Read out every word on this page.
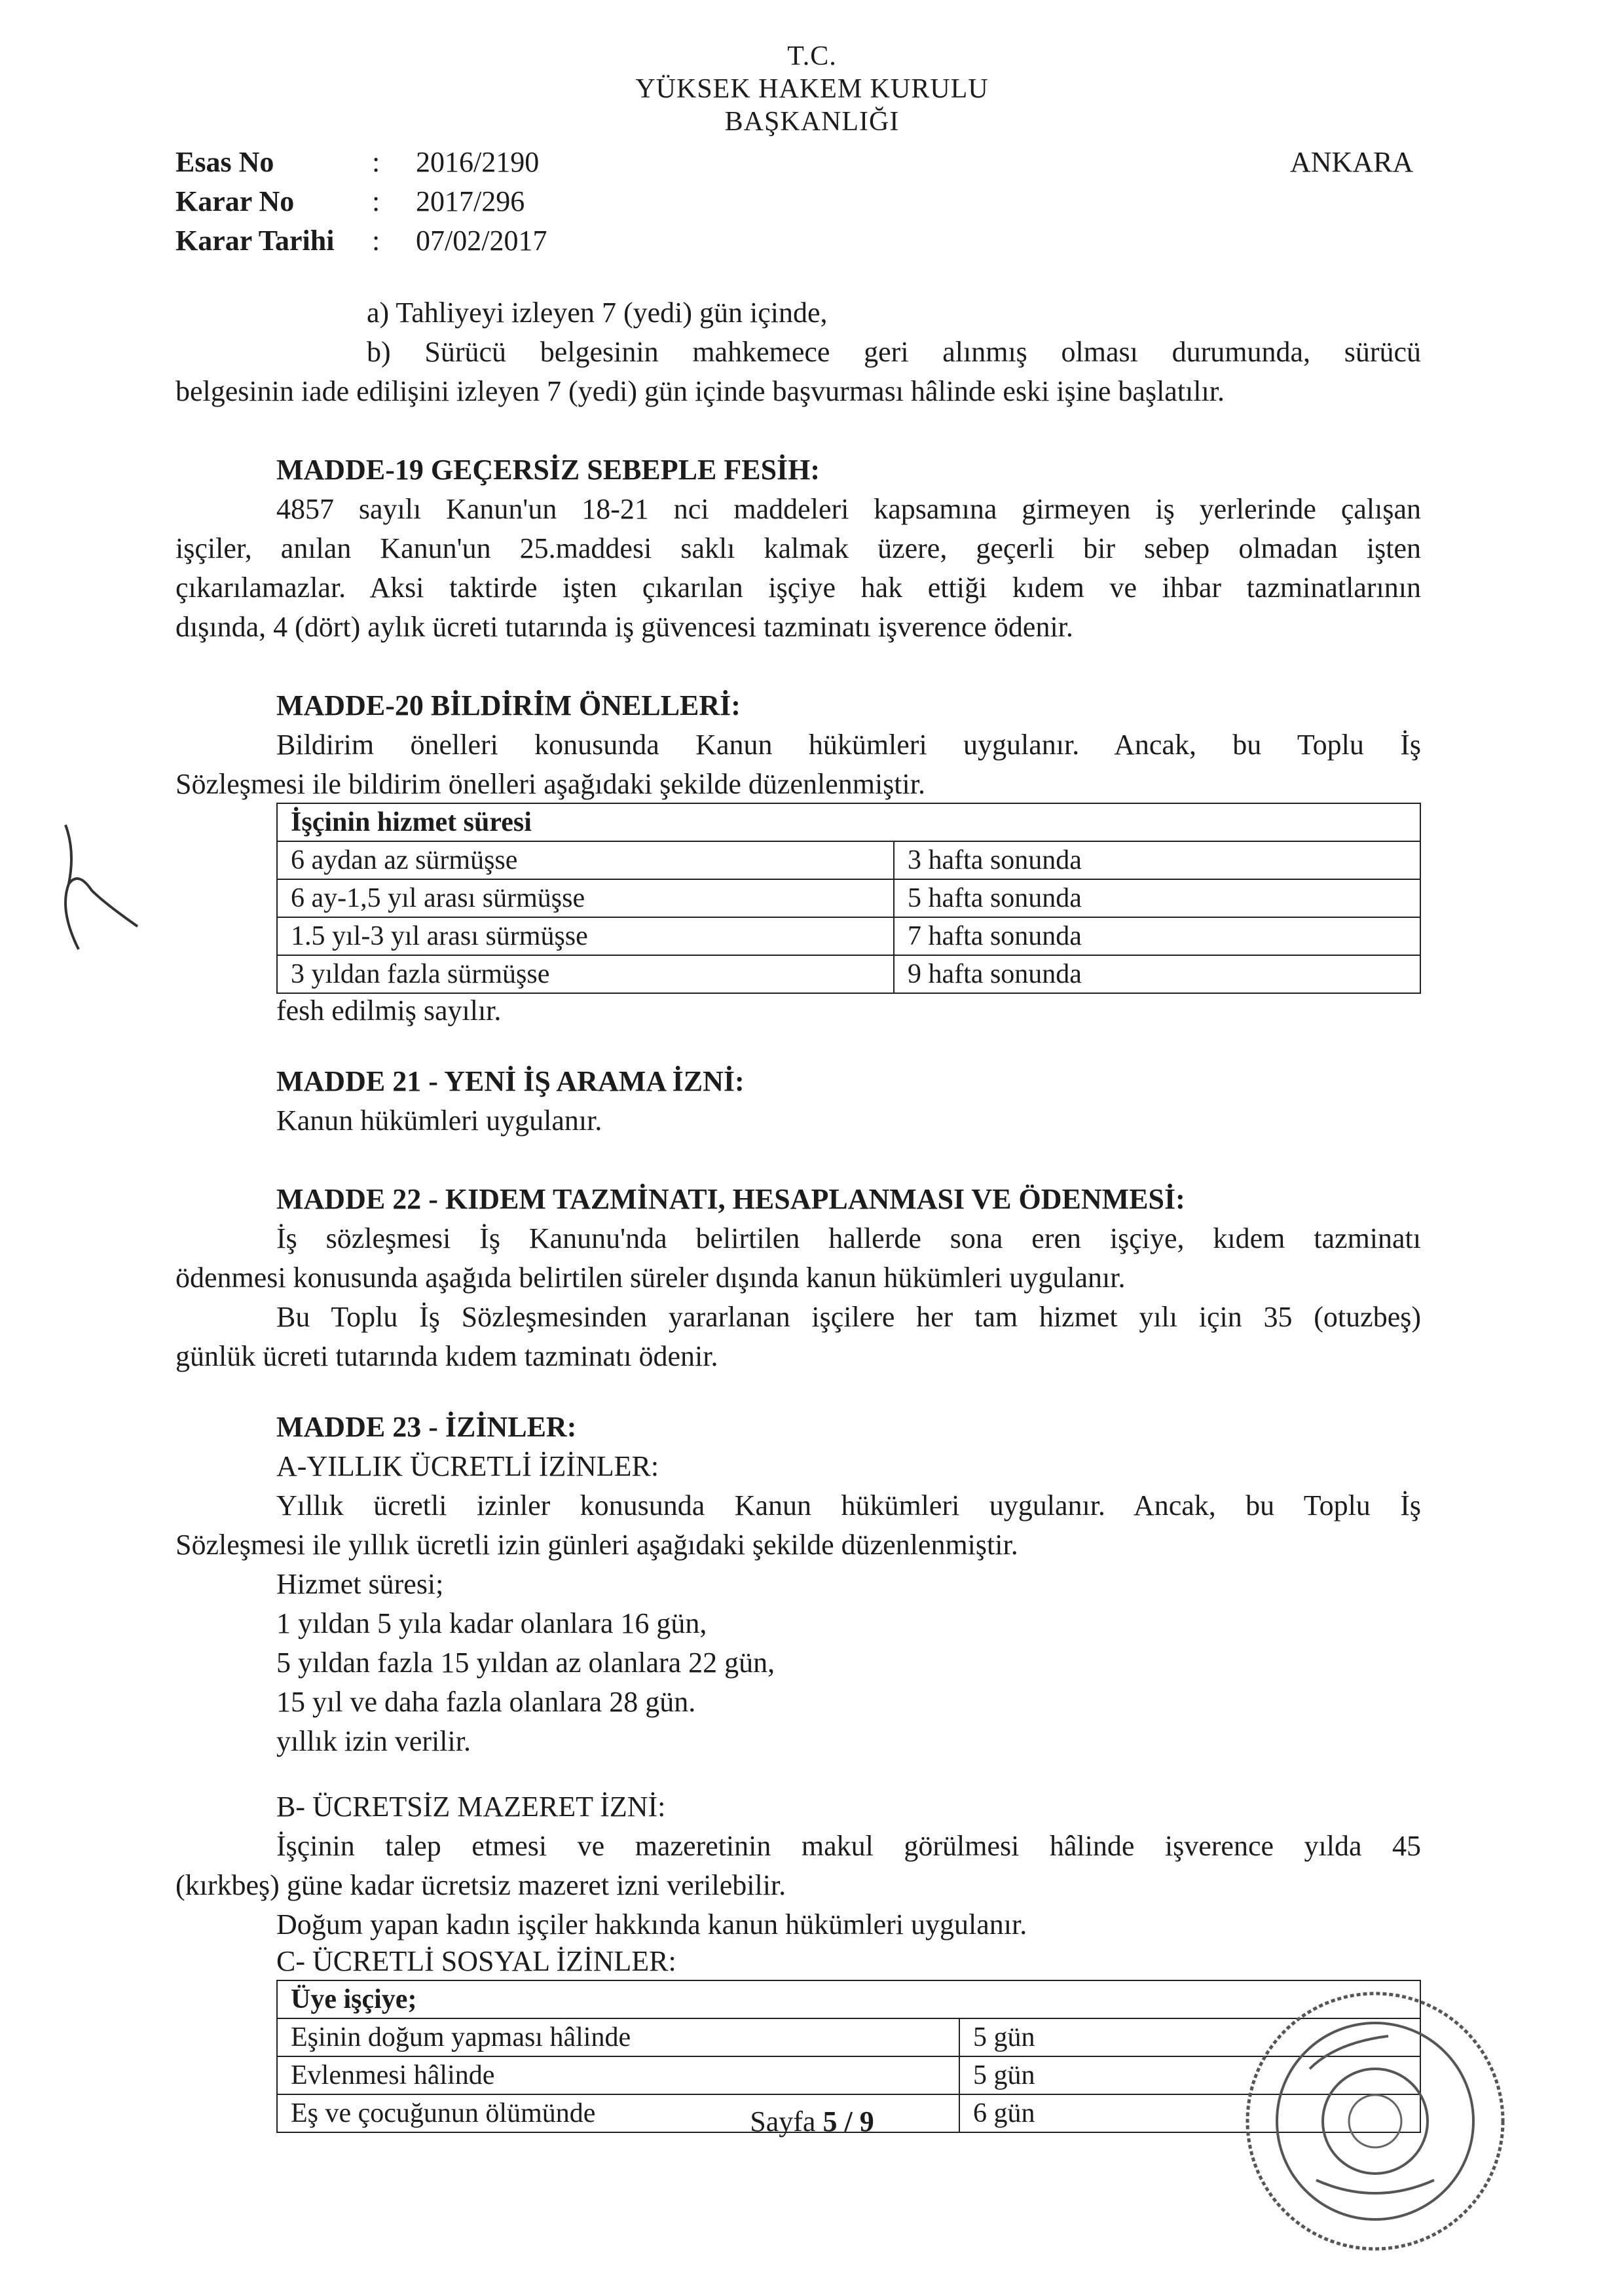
T.C.
YÜKSEK HAKEM KURULU
BAŞKANLIĞI
ANKARA
Esas No	: 2016/2190
Karar No	: 2017/296
Karar Tarihi : 07/02/2017
a) Tahliyeyi izleyen 7 (yedi) gün içinde,
b) Sürücü belgesinin mahkemece geri alınmış olması durumunda, sürücü
belgesinin iade edilişini izleyen 7 (yedi) gün içinde başvurması hâlinde eski işine başlatılır.
MADDE-19 GEÇERSİZ SEBEPLE FESİH:
4857 sayılı Kanun'un 18-21 nci maddeleri kapsamına girmeyen iş yerlerinde çalışan
işçiler, anılan Kanun'un 25.maddesi saklı kalmak üzere, geçerli bir sebep olmadan işten
çıkarılamazlar. Aksi taktirde işten çıkarılan işçiye hak ettiği kıdem ve ihbar tazminatlarının
dışında, 4 (dört) aylık ücreti tutarında iş güvencesi tazminatı işverence ödenir.
MADDE-20 BİLDİRİM ÖNELLERİ:
Bildirim önelleri konusunda Kanun hükümleri uygulanır. Ancak, bu Toplu İş
Sözleşmesi ile bildirim önelleri aşağıdaki şekilde düzenlenmiştir.
İşçinin hizmet süresi	
6 aydan az sürmüşse	3 hafta sonunda
6 ay-1,5 yıl arası sürmüşse	5 hafta sonunda
1.5 yıl-3 yıl arası sürmüşse	7 hafta sonunda
3 yıldan fazla sürmüşse	9 hafta sonunda
fesh edilmiş sayılır.
MADDE 21 - YENİ İŞ ARAMA İZNİ:
Kanun hükümleri uygulanır.
MADDE 22 - KIDEM TAZMİNATI, HESAPLANMASI VE ÖDENMESİ:
İş sözleşmesi İş Kanunu'nda belirtilen hallerde sona eren işçiye, kıdem tazminatı
ödenmesi konusunda aşağıda belirtilen süreler dışında kanun hükümleri uygulanır.
Bu Toplu İş Sözleşmesinden yararlanan işçilere her tam hizmet yılı için 35 (otuzbeş)
günlük ücreti tutarında kıdem tazminatı ödenir.
MADDE 23 - İZİNLER:
A-YILLIK ÜCRETLİ İZİNLER:
Yıllık ücretli izinler konusunda Kanun hükümleri uygulanır. Ancak, bu Toplu İş
Sözleşmesi ile yıllık ücretli izin günleri aşağıdaki şekilde düzenlenmiştir.
Hizmet süresi;
1 yıldan 5 yıla kadar olanlara 16 gün,
5 yıldan fazla 15 yıldan az olanlara 22 gün,
15 yıl ve daha fazla olanlara 28 gün.
yıllık izin verilir.
B- ÜCRETSİZ MAZERET İZNİ:
İşçinin talep etmesi ve mazeretinin makul görülmesi hâlinde işverence yılda 45
(kırkbeş) güne kadar ücretsiz mazeret izni verilebilir.
Doğum yapan kadın işçiler hakkında kanun hükümleri uygulanır.
C- ÜCRETLİ SOSYAL İZİNLER:
Üye işçiye;	
Eşinin doğum yapması hâlinde	5 gün
Evlenmesi hâlinde	5 gün
Eş ve çocuğunun ölümünde	6 gün
Sayfa 5 / 9
